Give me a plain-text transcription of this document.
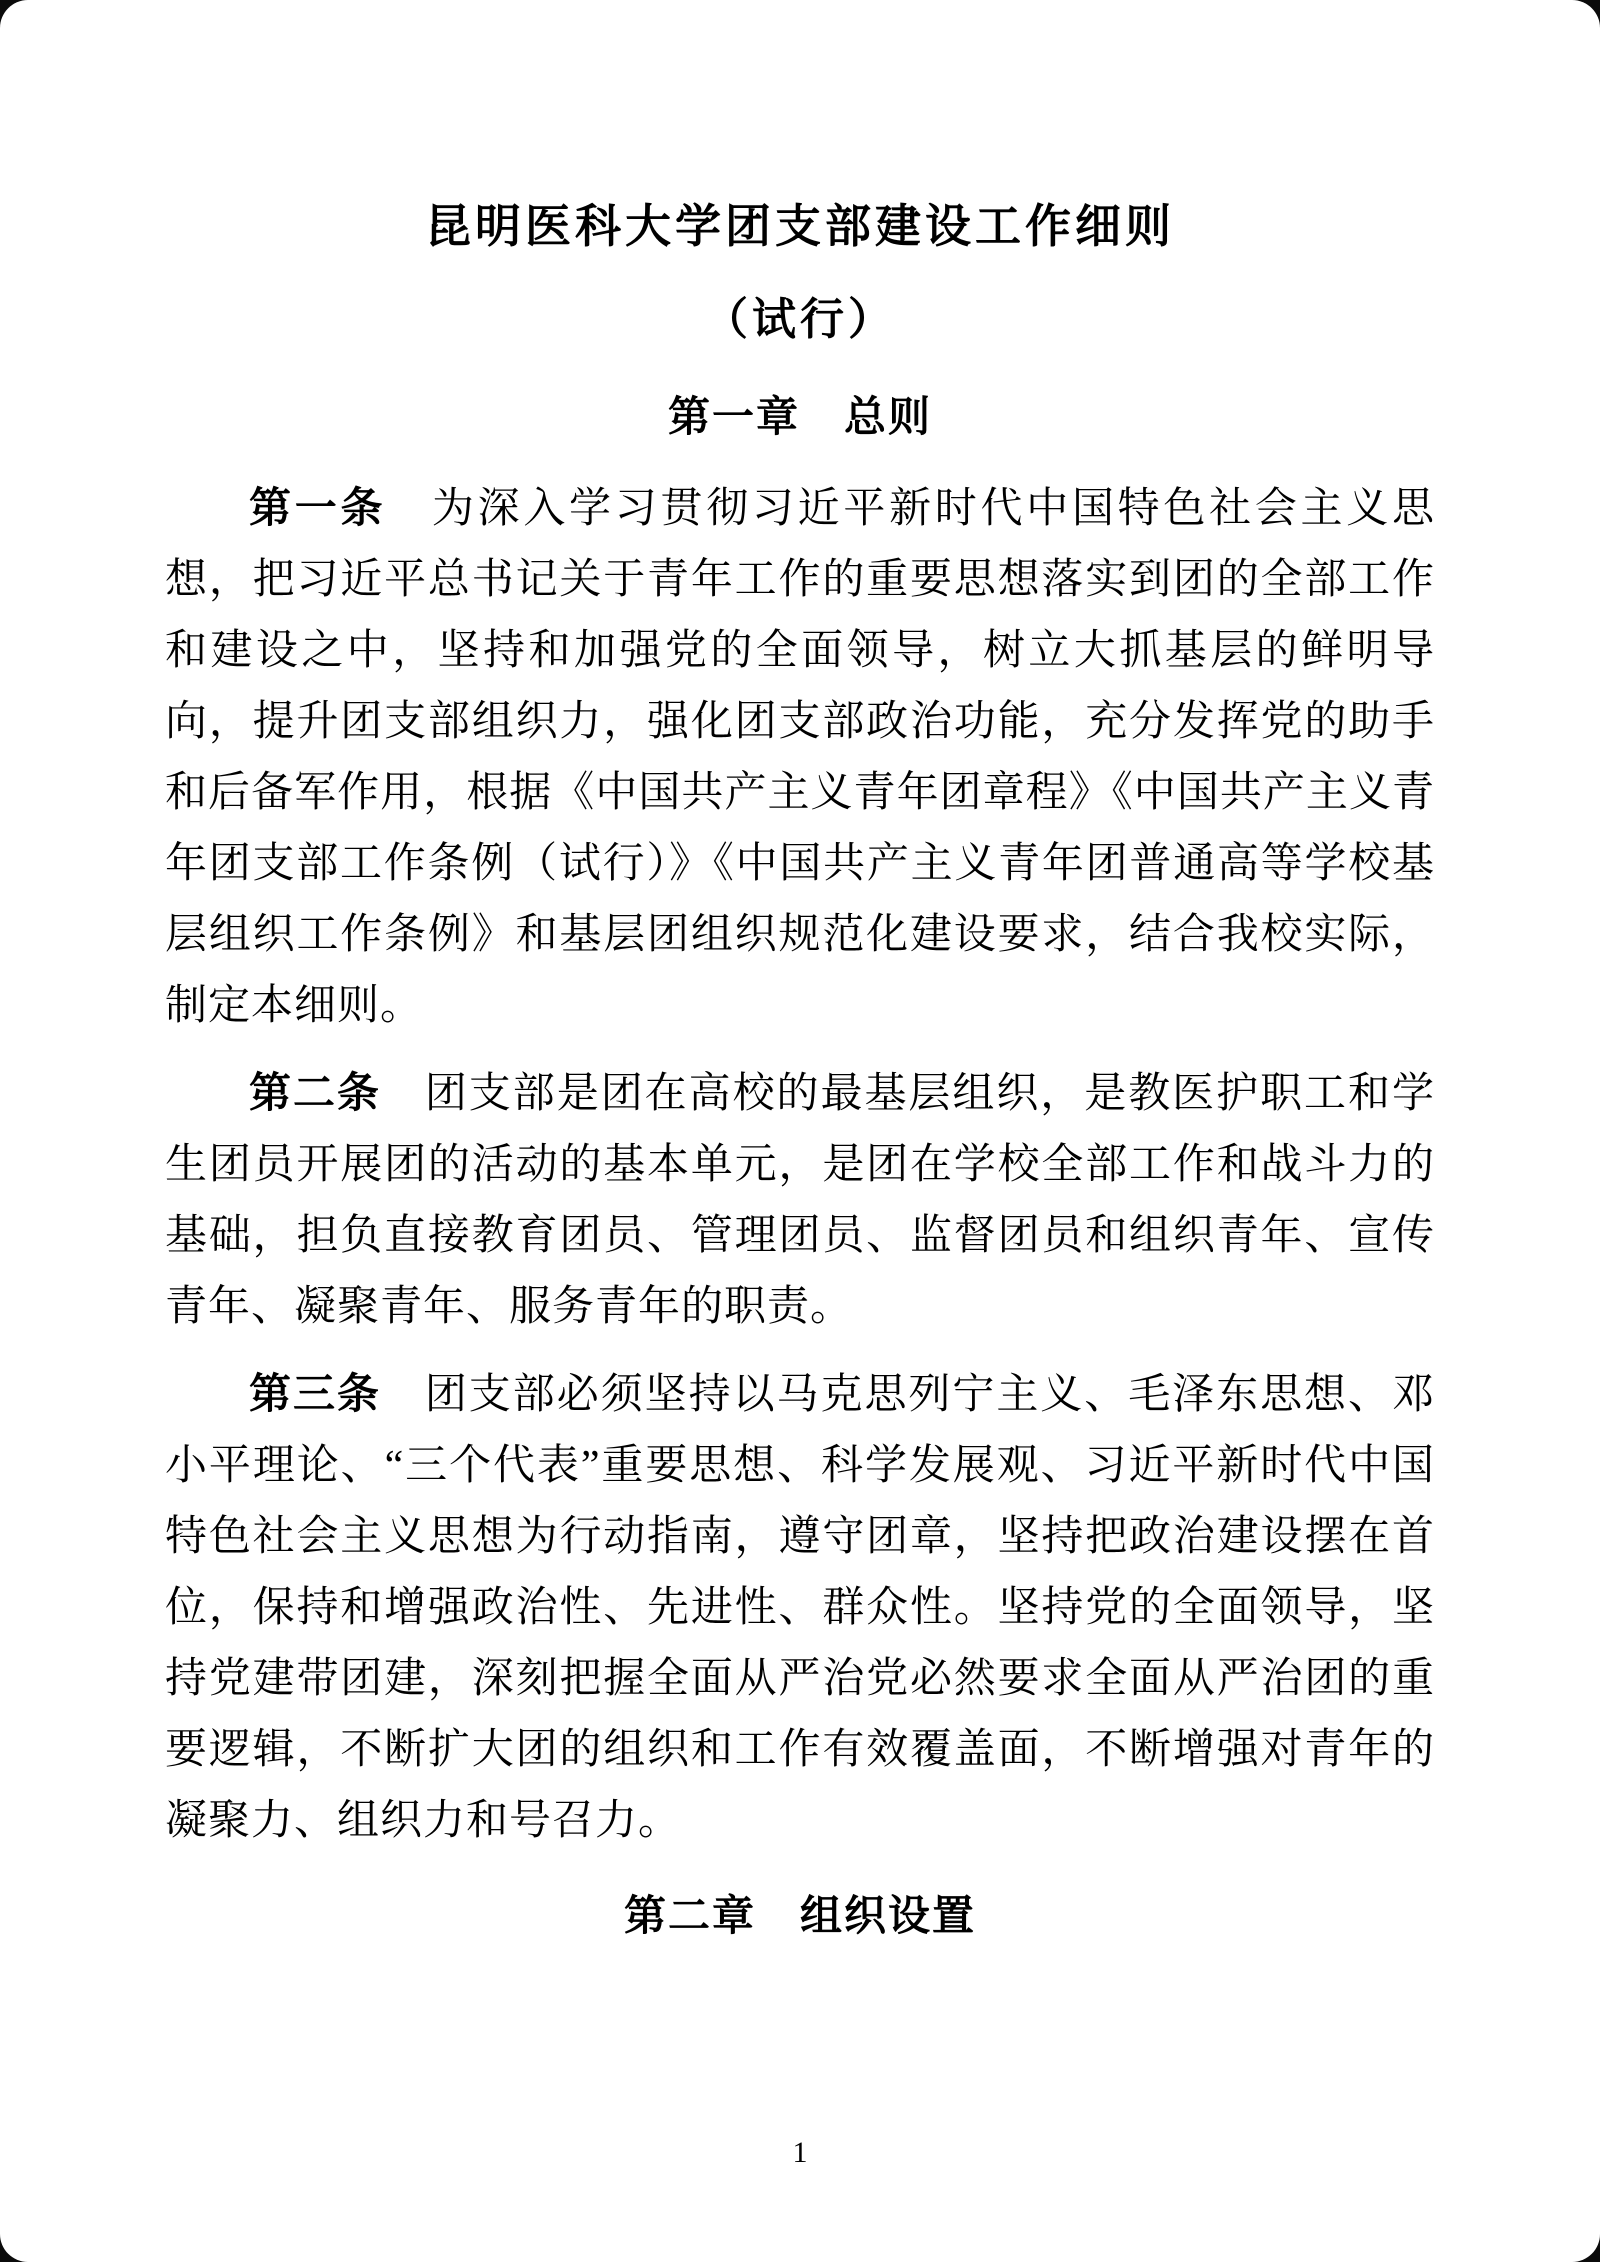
昆明医科大学团支部建设工作细则
（试行）
第一章　总则

第一条　为深入学习贯彻习近平新时代中国特色社会主义思想，把习近平总书记关于青年工作的重要思想落实到团的全部工作和建设之中，坚持和加强党的全面领导，树立大抓基层的鲜明导向，提升团支部组织力，强化团支部政治功能，充分发挥党的助手和后备军作用，根据《中国共产主义青年团章程》《中国共产主义青年团支部工作条例（试行）》《中国共产主义青年团普通高等学校基层组织工作条例》和基层团组织规范化建设要求，结合我校实际，制定本细则。

第二条　团支部是团在高校的最基层组织，是教医护职工和学生团员开展团的活动的基本单元，是团在学校全部工作和战斗力的基础，担负直接教育团员、管理团员、监督团员和组织青年、宣传青年、凝聚青年、服务青年的职责。

第三条　团支部必须坚持以马克思列宁主义、毛泽东思想、邓小平理论、“三个代表”重要思想、科学发展观、习近平新时代中国特色社会主义思想为行动指南，遵守团章，坚持把政治建设摆在首位，保持和增强政治性、先进性、群众性。坚持党的全面领导，坚持党建带团建，深刻把握全面从严治党必然要求全面从严治团的重要逻辑，不断扩大团的组织和工作有效覆盖面，不断增强对青年的凝聚力、组织力和号召力。

第二章　组织设置
1
